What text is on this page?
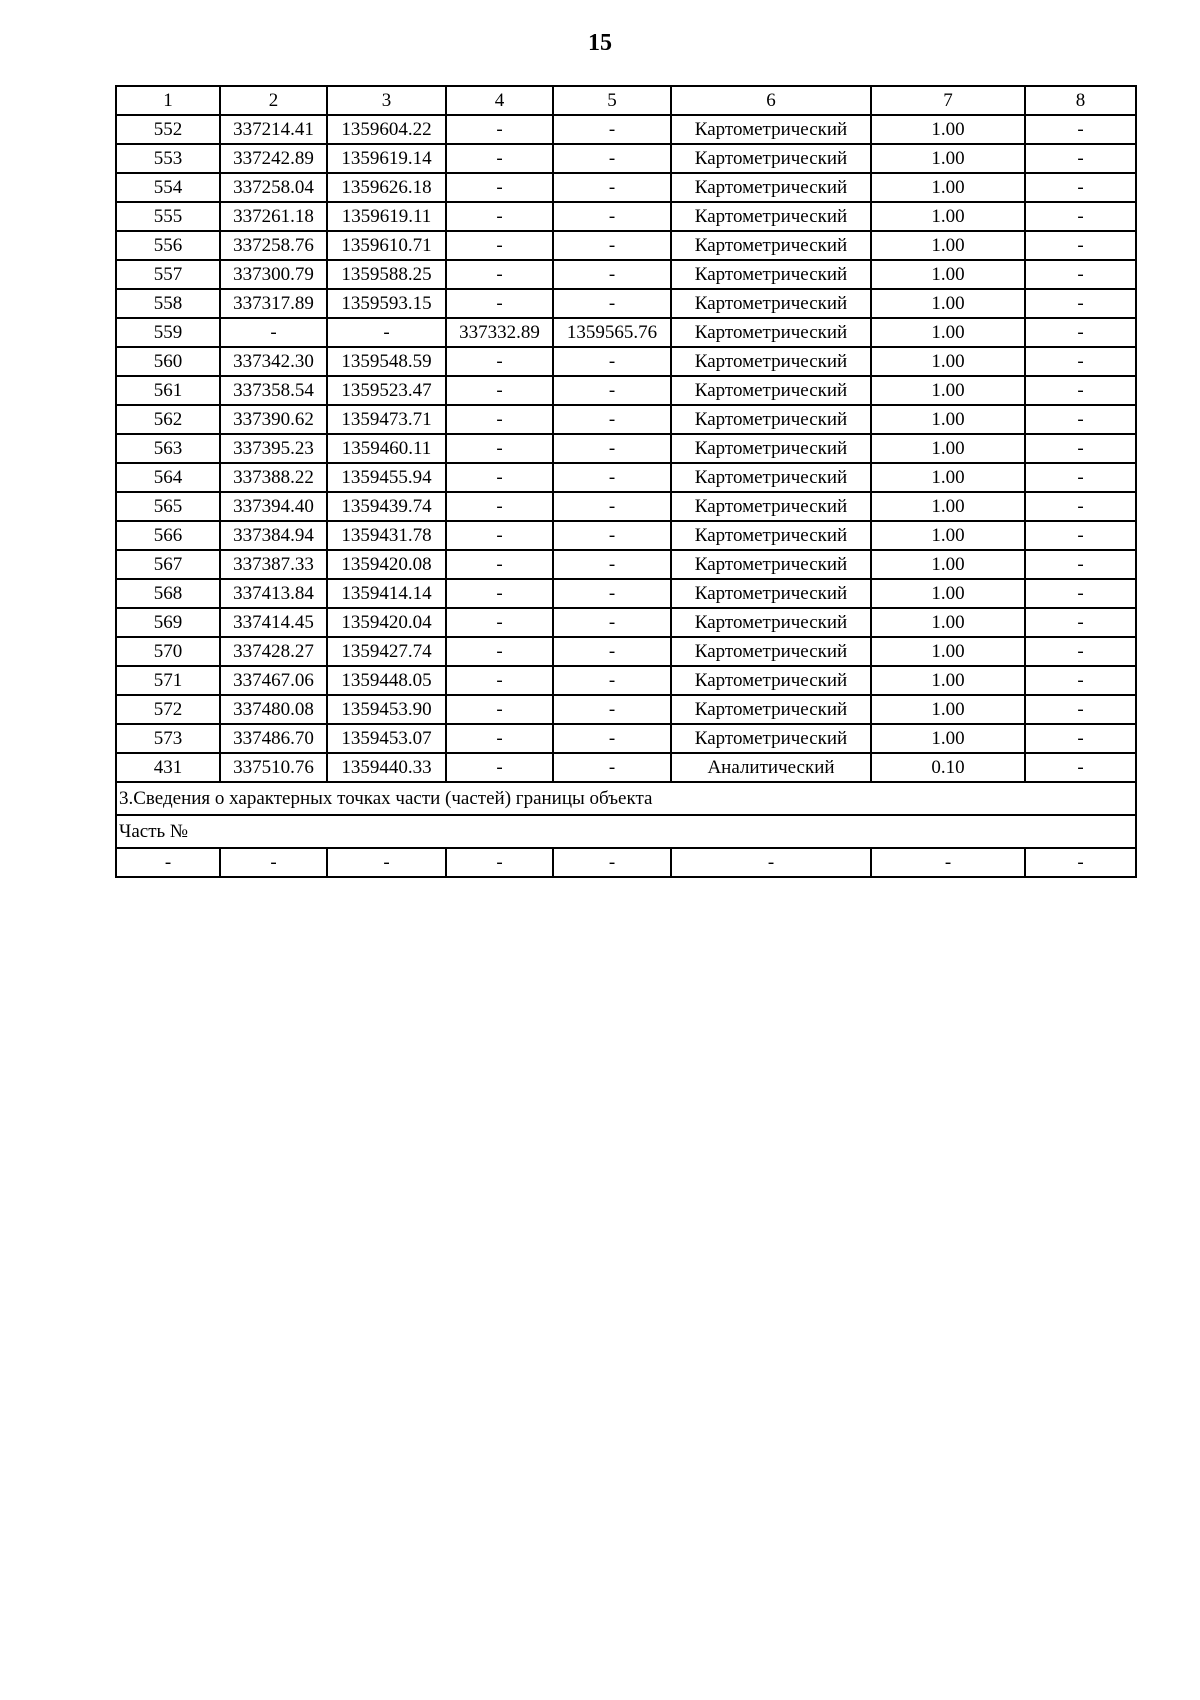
15
1	2	3	4	5	6	7	8
552	337214.41	1359604.22	-	-	Картометрический	1.00	-
553	337242.89	1359619.14	-	-	Картометрический	1.00	-
554	337258.04	1359626.18	-	-	Картометрический	1.00	-
555	337261.18	1359619.11	-	-	Картометрический	1.00	-
556	337258.76	1359610.71	-	-	Картометрический	1.00	-
557	337300.79	1359588.25	-	-	Картометрический	1.00	-
558	337317.89	1359593.15	-	-	Картометрический	1.00	-
559	-	-	337332.89	1359565.76	Картометрический	1.00	-
560	337342.30	1359548.59	-	-	Картометрический	1.00	-
561	337358.54	1359523.47	-	-	Картометрический	1.00	-
562	337390.62	1359473.71	-	-	Картометрический	1.00	-
563	337395.23	1359460.11	-	-	Картометрический	1.00	-
564	337388.22	1359455.94	-	-	Картометрический	1.00	-
565	337394.40	1359439.74	-	-	Картометрический	1.00	-
566	337384.94	1359431.78	-	-	Картометрический	1.00	-
567	337387.33	1359420.08	-	-	Картометрический	1.00	-
568	337413.84	1359414.14	-	-	Картометрический	1.00	-
569	337414.45	1359420.04	-	-	Картометрический	1.00	-
570	337428.27	1359427.74	-	-	Картометрический	1.00	-
571	337467.06	1359448.05	-	-	Картометрический	1.00	-
572	337480.08	1359453.90	-	-	Картометрический	1.00	-
573	337486.70	1359453.07	-	-	Картометрический	1.00	-
431	337510.76	1359440.33	-	-	Аналитический	0.10	-
3.Сведения о характерных точках части (частей) границы объекта							
Часть №							
-	-	-	-	-	-	-	-
